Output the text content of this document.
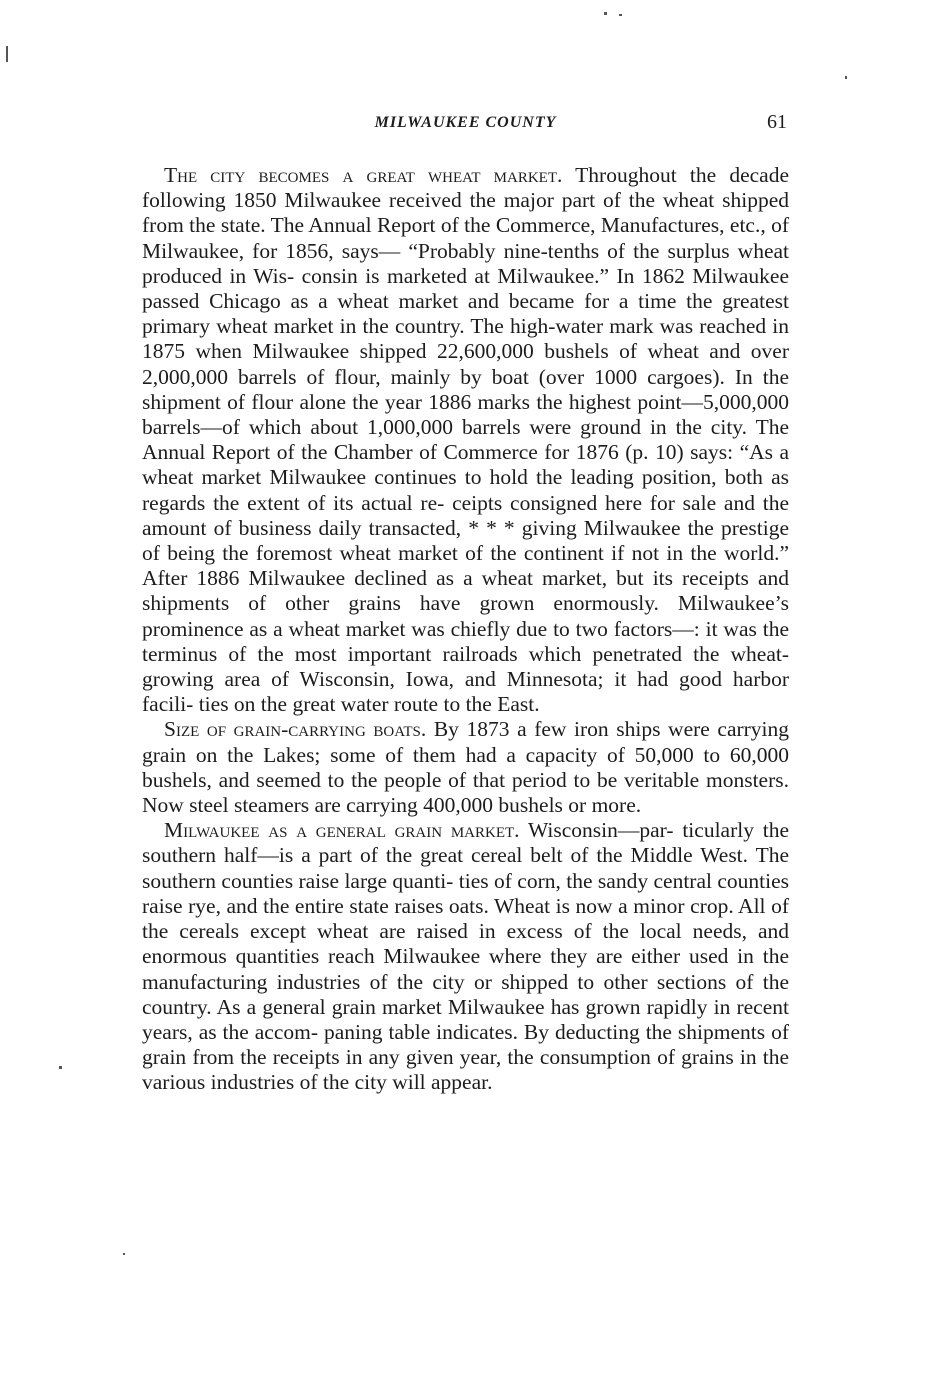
MILWAUKEE COUNTY	61

The city becomes a great wheat market. Throughout the decade following 1850 Milwaukee received the major part of the wheat shipped from the state. The Annual Report of the Commerce, Manufactures, etc., of Milwaukee, for 1856, says— “Probably nine-tenths of the surplus wheat produced in Wis- consin is marketed at Milwaukee.” In 1862 Milwaukee passed Chicago as a wheat market and became for a time the greatest primary wheat market in the country. The high-water mark was reached in 1875 when Milwaukee shipped 22,600,000 bushels of wheat and over 2,000,000 barrels of flour, mainly by boat (over 1000 cargoes). In the shipment of flour alone the year 1886 marks the highest point—5,000,000 barrels—of which about 1,000,000 barrels were ground in the city. The Annual Report of the Chamber of Commerce for 1876 (p. 10) says: “As a wheat market Milwaukee continues to hold the leading position, both as regards the extent of its actual re- ceipts consigned here for sale and the amount of business daily transacted, * * * giving Milwaukee the prestige of being the foremost wheat market of the continent if not in the world.” After 1886 Milwaukee declined as a wheat market, but its receipts and shipments of other grains have grown enormously. Milwaukee’s prominence as a wheat market was chiefly due to two factors—: it was the terminus of the most important railroads which penetrated the wheat-growing area of Wisconsin, Iowa, and Minnesota; it had good harbor facili- ties on the great water route to the East.

Size of grain-carrying boats. By 1873 a few iron ships were carrying grain on the Lakes; some of them had a capacity of 50,000 to 60,000 bushels, and seemed to the people of that period to be veritable monsters. Now steel steamers are carrying 400,000 bushels or more.

Milwaukee as a general grain market. Wisconsin—par- ticularly the southern half—is a part of the great cereal belt of the Middle West. The southern counties raise large quanti- ties of corn, the sandy central counties raise rye, and the entire state raises oats. Wheat is now a minor crop. All of the cereals except wheat are raised in excess of the local needs, and enormous quantities reach Milwaukee where they are either used in the manufacturing industries of the city or shipped to other sections of the country. As a general grain market Milwaukee has grown rapidly in recent years, as the accom- paning table indicates. By deducting the shipments of grain from the receipts in any given year, the consumption of grains in the various industries of the city will appear.
